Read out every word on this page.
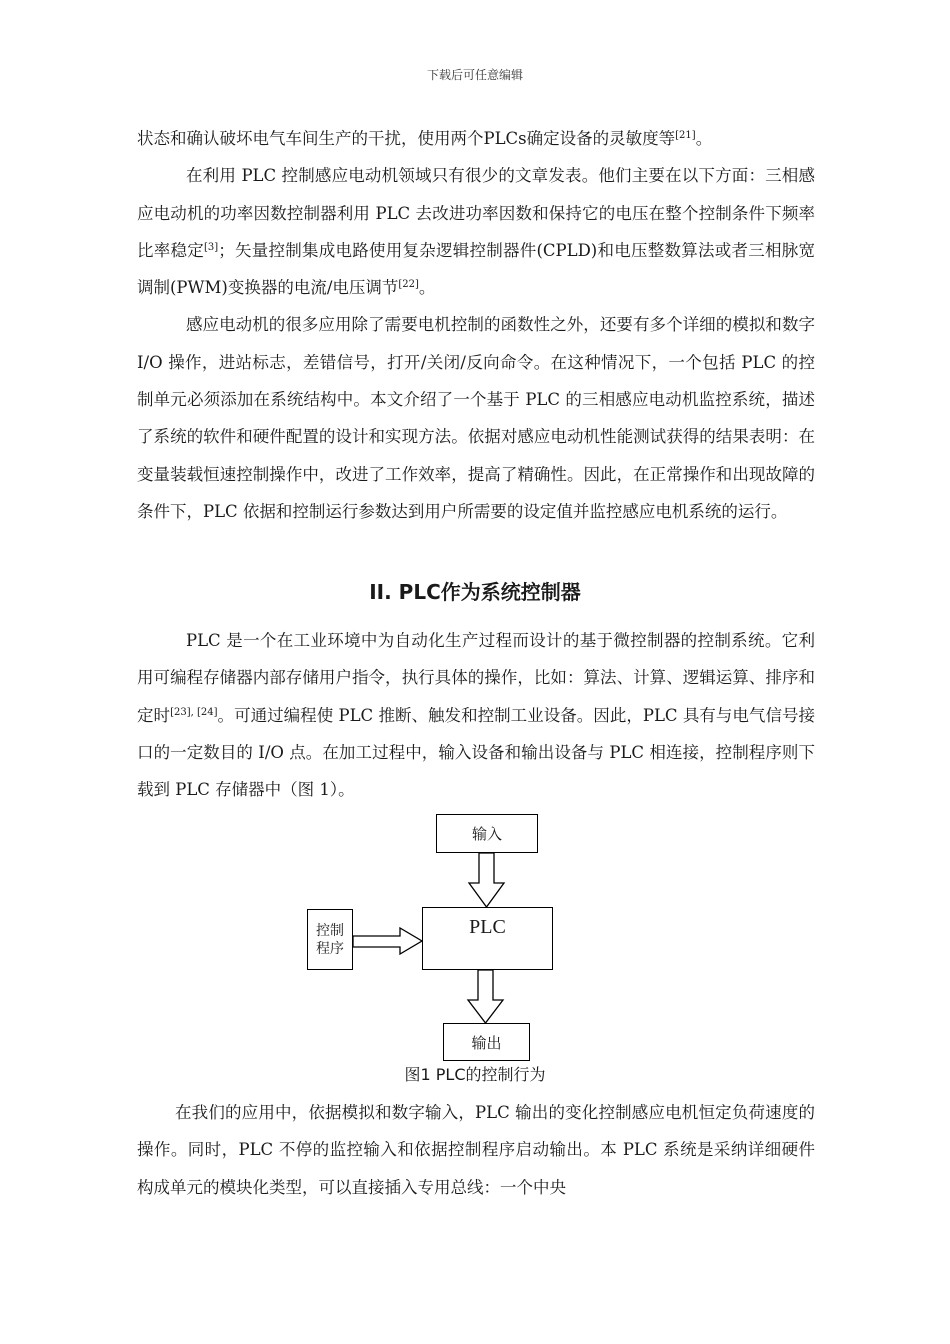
下载后可任意编辑

状态和确认破坏电气车间生产的干扰，使用两个PLCs确定设备的灵敏度等[21]。

在利用 PLC 控制感应电动机领域只有很少的文章发表。他们主要在以下方面：三相感应电动机的功率因数控制器利用 PLC 去改进功率因数和保持它的电压在整个控制条件下频率比率稳定[3]；矢量控制集成电路使用复杂逻辑控制器件(CPLD)和电压整数算法或者三相脉宽调制(PWM)变换器的电流/电压调节[22]。

感应电动机的很多应用除了需要电机控制的函数性之外，还要有多个详细的模拟和数字 I/O 操作，进站标志，差错信号，打开/关闭/反向命令。在这种情况下，一个包括 PLC 的控制单元必须添加在系统结构中。本文介绍了一个基于 PLC 的三相感应电动机监控系统，描述了系统的软件和硬件配置的设计和实现方法。依据对感应电动机性能测试获得的结果表明：在变量装载恒速控制操作中，改进了工作效率，提高了精确性。因此，在正常操作和出现故障的条件下，PLC 依据和控制运行参数达到用户所需要的设定值并监控感应电机系统的运行。

II. PLC作为系统控制器

PLC 是一个在工业环境中为自动化生产过程而设计的基于微控制器的控制系统。它利用可编程存储器内部存储用户指令，执行具体的操作，比如：算法、计算、逻辑运算、排序和定时[23], [24]。可通过编程使 PLC 推断、触发和控制工业设备。因此，PLC 具有与电气信号接口的一定数目的 I/O 点。在加工过程中，输入设备和输出设备与 PLC 相连接，控制程序则下载到 PLC 存储器中（图 1）。

输入
PLC
控制
程序
输出
图1 PLC的控制行为

在我们的应用中，依据模拟和数字输入，PLC 输出的变化控制感应电机恒定负荷速度的操作。同时，PLC 不停的监控输入和依据控制程序启动输出。本 PLC 系统是采纳详细硬件构成单元的模块化类型，可以直接插入专用总线：一个中央
